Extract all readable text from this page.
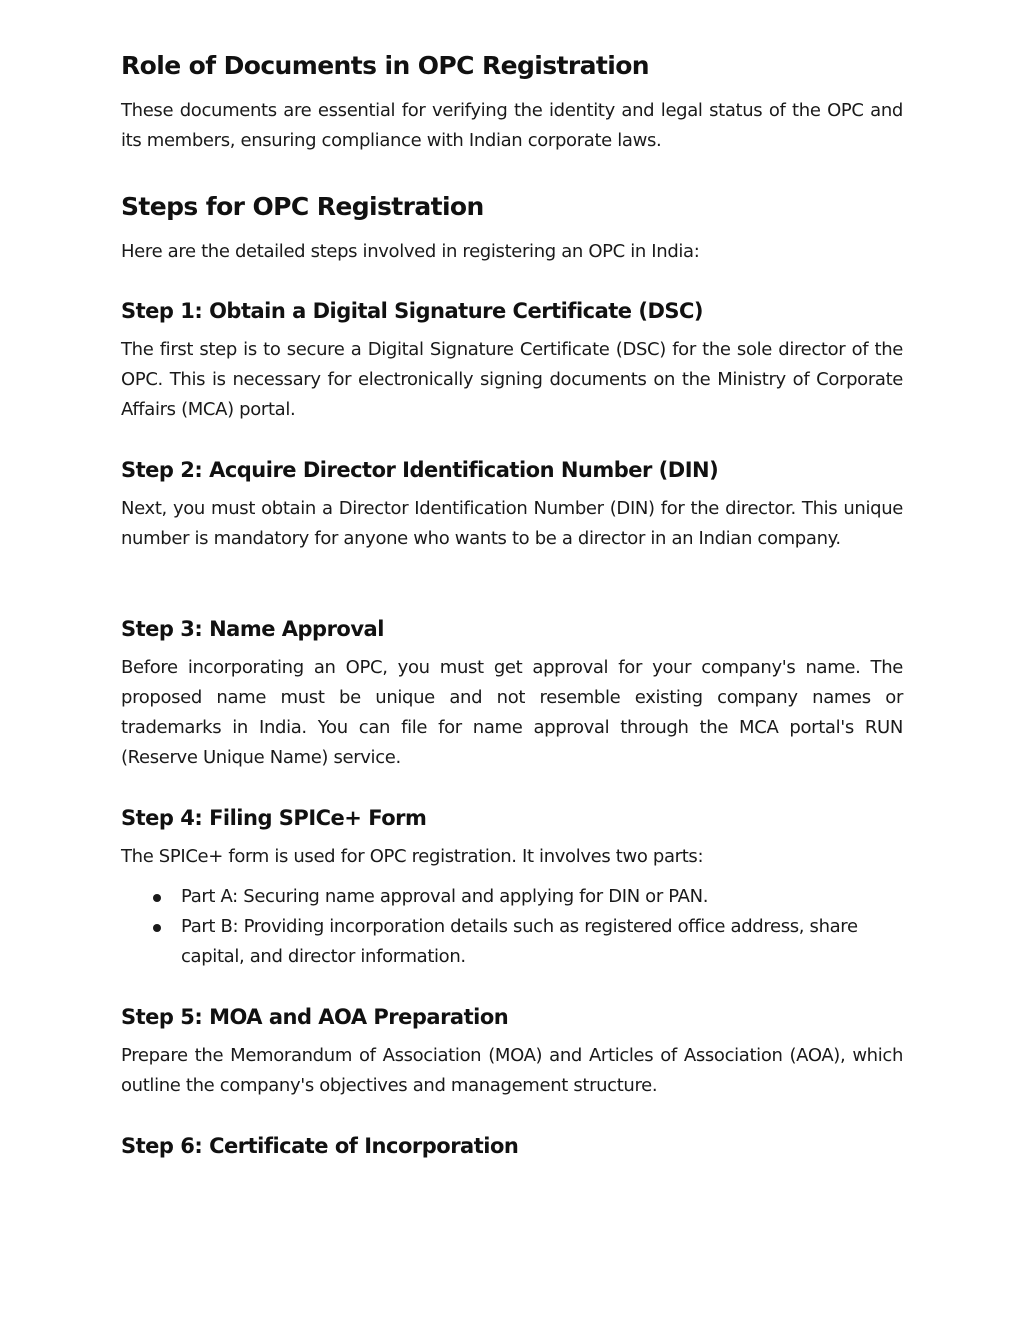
Role of Documents in OPC Registration

These documents are essential for verifying the identity and legal status of the OPC and its members, ensuring compliance with Indian corporate laws.

Steps for OPC Registration

Here are the detailed steps involved in registering an OPC in India:

Step 1: Obtain a Digital Signature Certificate (DSC)

The first step is to secure a Digital Signature Certificate (DSC) for the sole director of the OPC. This is necessary for electronically signing documents on the Ministry of Corporate Affairs (MCA) portal.

Step 2: Acquire Director Identification Number (DIN)

Next, you must obtain a Director Identification Number (DIN) for the director. This unique number is mandatory for anyone who wants to be a director in an Indian company.

Step 3: Name Approval

Before incorporating an OPC, you must get approval for your company's name. The proposed name must be unique and not resemble existing company names or trademarks in India. You can file for name approval through the MCA portal's RUN (Reserve Unique Name) service.

Step 4: Filing SPICe+ Form

The SPICe+ form is used for OPC registration. It involves two parts:

Part A: Securing name approval and applying for DIN or PAN.
Part B: Providing incorporation details such as registered office address, share capital, and director information.
Step 5: MOA and AOA Preparation

Prepare the Memorandum of Association (MOA) and Articles of Association (AOA), which outline the company's objectives and management structure.

Step 6: Certificate of Incorporation
